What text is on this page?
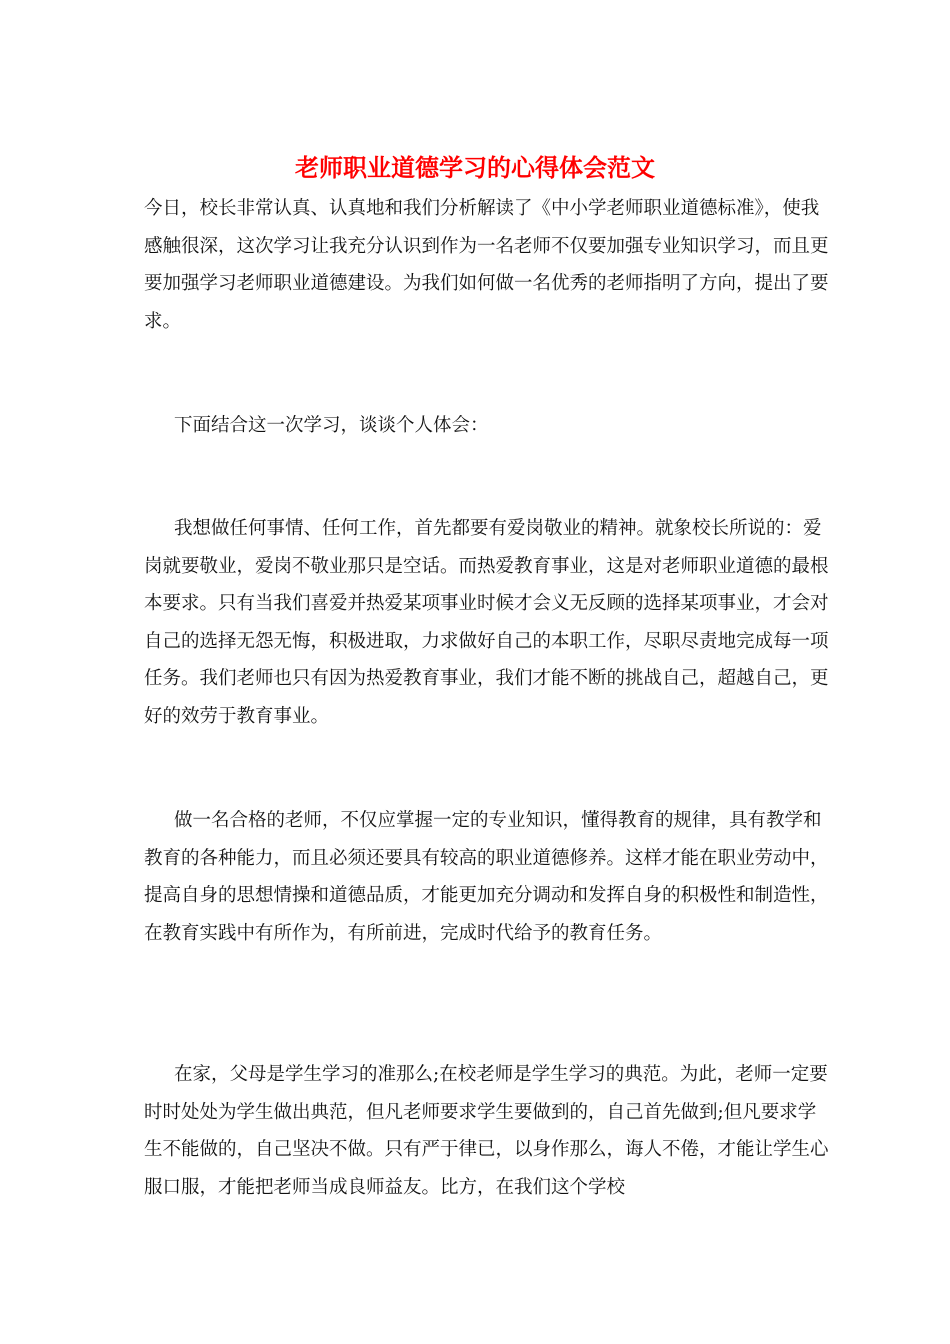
老师职业道德学习的心得体会范文

今日，校长非常认真、认真地和我们分析解读了《中小学老师职业道德标准》，使我感触很深，这次学习让我充分认识到作为一名老师不仅要加强专业知识学习，而且更要加强学习老师职业道德建设。为我们如何做一名优秀的老师指明了方向，提出了要求。

下面结合这一次学习，谈谈个人体会：

我想做任何事情、任何工作，首先都要有爱岗敬业的精神。就象校长所说的：爱岗就要敬业，爱岗不敬业那只是空话。而热爱教育事业，这是对老师职业道德的最根本要求。只有当我们喜爱并热爱某项事业时候才会义无反顾的选择某项事业，才会对自己的选择无怨无悔，积极进取，力求做好自己的本职工作，尽职尽责地完成每一项任务。我们老师也只有因为热爱教育事业，我们才能不断的挑战自己，超越自己，更好的效劳于教育事业。

做一名合格的老师，不仅应掌握一定的专业知识，懂得教育的规律，具有教学和教育的各种能力，而且必须还要具有较高的职业道德修养。这样才能在职业劳动中，提高自身的思想情操和道德品质，才能更加充分调动和发挥自身的积极性和制造性，在教育实践中有所作为，有所前进，完成时代给予的教育任务。

在家，父母是学生学习的准那么;在校老师是学生学习的典范。为此，老师一定要时时处处为学生做出典范，但凡老师要求学生要做到的，自己首先做到;但凡要求学生不能做的，自己坚决不做。只有严于律已，以身作那么，诲人不倦，才能让学生心服口服，才能把老师当成良师益友。比方，在我们这个学校
